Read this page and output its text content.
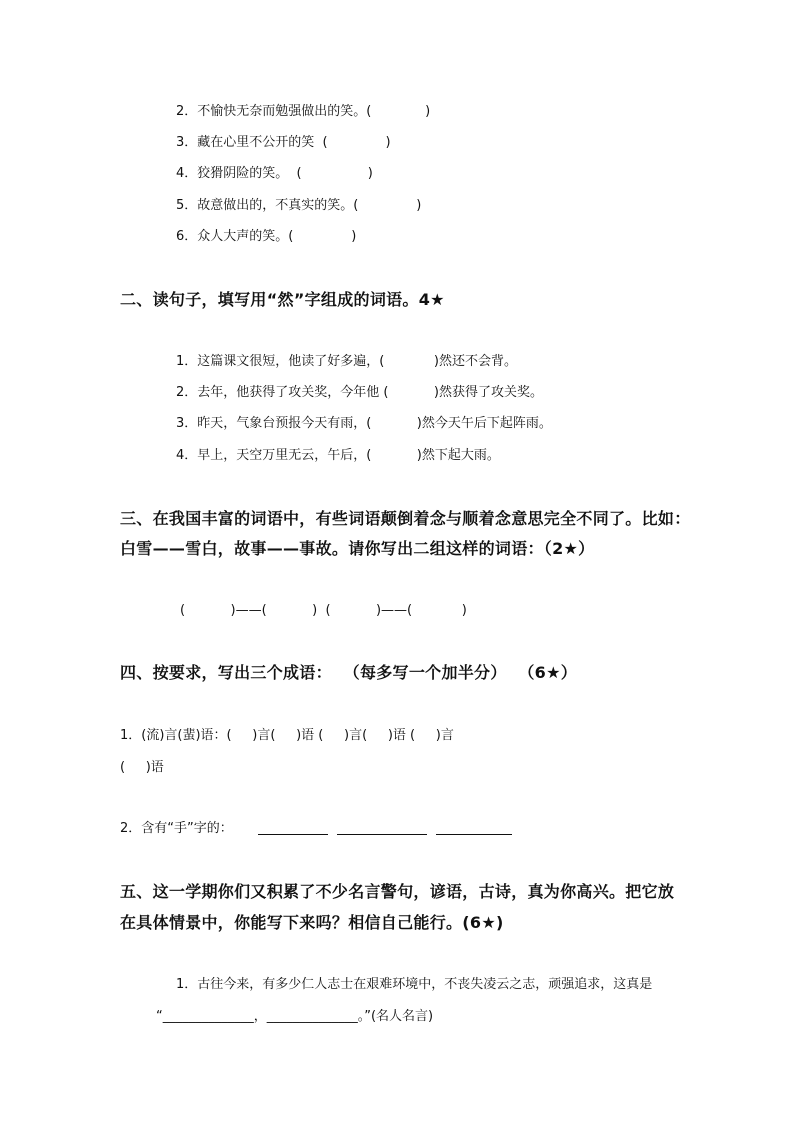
2．不愉快无奈而勉强做出的笑。(             )
3．藏在心里不公开的笑  (              )
4．狡猾阴险的笑。  (                )
5．故意做出的，不真实的笑。(              )
6．众人大声的笑。(              )
二、读句子，填写用“然”字组成的词语。4★
1．这篇课文很短，他读了好多遍，(            )然还不会背。
2．去年，他获得了攻关奖，今年他 (           )然获得了攻关奖。
3．昨天，气象台预报今天有雨，(           )然今天午后下起阵雨。
4．早上，天空万里无云，午后，(           )然下起大雨。
三、在我国丰富的词语中，有些词语颠倒着念与顺着念意思完全不同了。比如：
白雪——雪白，故事——事故。请你写出二组这样的词语：（2★）
(           )——(           )  (           )——(            )
四、按要求，写出三个成语：  （每多写一个加半分）  （6★）
1．(流)言(蜚)语：(     )言(     )语 (     )言(     )语 (     )言
(     )语
2．含有“手”字的：
五、这一学期你们又积累了不少名言警句，谚语，古诗，真为你高兴。把它放
在具体情景中，你能写下来吗？相信自己能行。(6★)
1．古往今来，有多少仁人志士在艰难环境中，不丧失凌云之志，顽强追求，这真是
“______________，______________。”(名人名言)
